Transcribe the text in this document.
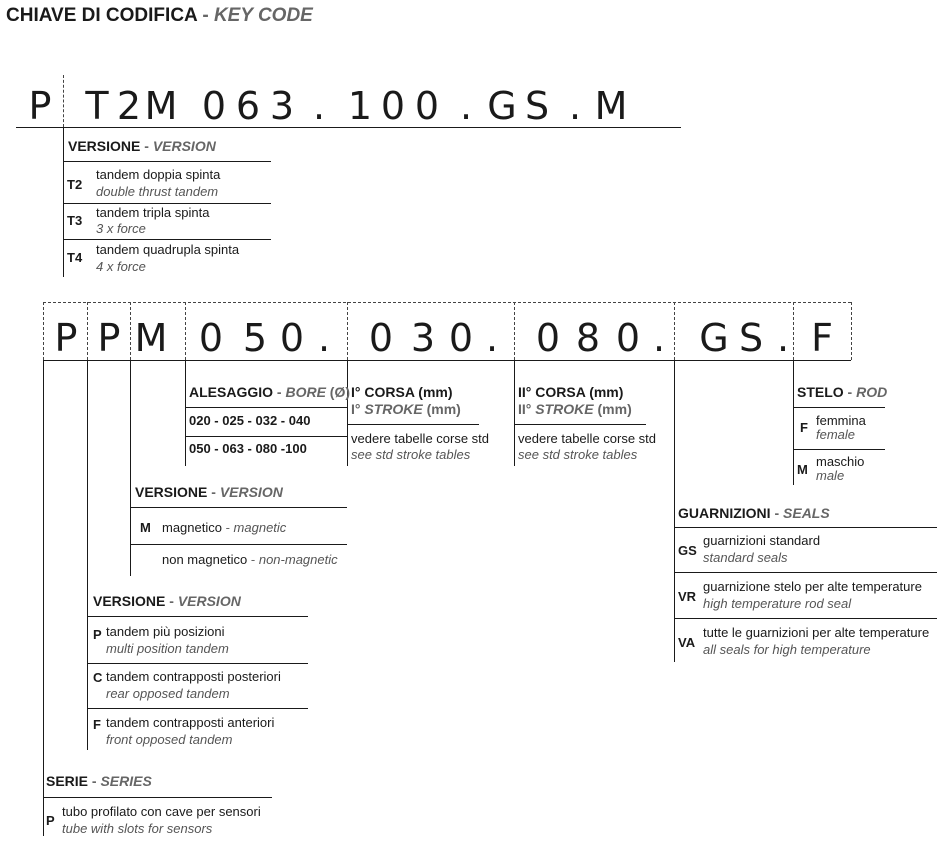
CHIAVE DI CODIFICA - KEY CODE
P T 2 M 0 6 3 . 1 0 0 . G S . M
VERSIONE - VERSION
T2
tandem doppia spinta
double thrust tandem
T3
tandem tripla spinta
3 x force
T4
tandem quadrupla spinta
4 x force
P P M 0 5 0 .	0 3 0 . 0 8 0 . G S . F
ALESAGGIO - BORE (Ø)
020 - 025 - 032 - 040
050 - 063 - 080 -100
I° CORSA (mm)
I° STROKE (mm)
vedere tabelle corse std
see std stroke tables
II° CORSA (mm)
II° STROKE (mm)
vedere tabelle corse std
see std stroke tables
STELO - ROD
F femmina
female
M
maschio
male
VERSIONE - VERSION
M magnetico - magnetic
non magnetico - non-magnetic
GUARNIZIONI - SEALS
GS
guarnizioni standard
standard seals
VR
guarnizione stelo per alte temperature
high temperature rod seal
VA
tutte le guarnizioni per alte temperature
all seals for high temperature
VERSIONE - VERSION
P tandem più posizioni
multi position tandem
C tandem contrapposti posteriori
rear opposed tandem
F tandem contrapposti anteriori
front opposed tandem
SERIE - SERIES
P
tubo profilato con cave per sensori
tube with slots for sensors
